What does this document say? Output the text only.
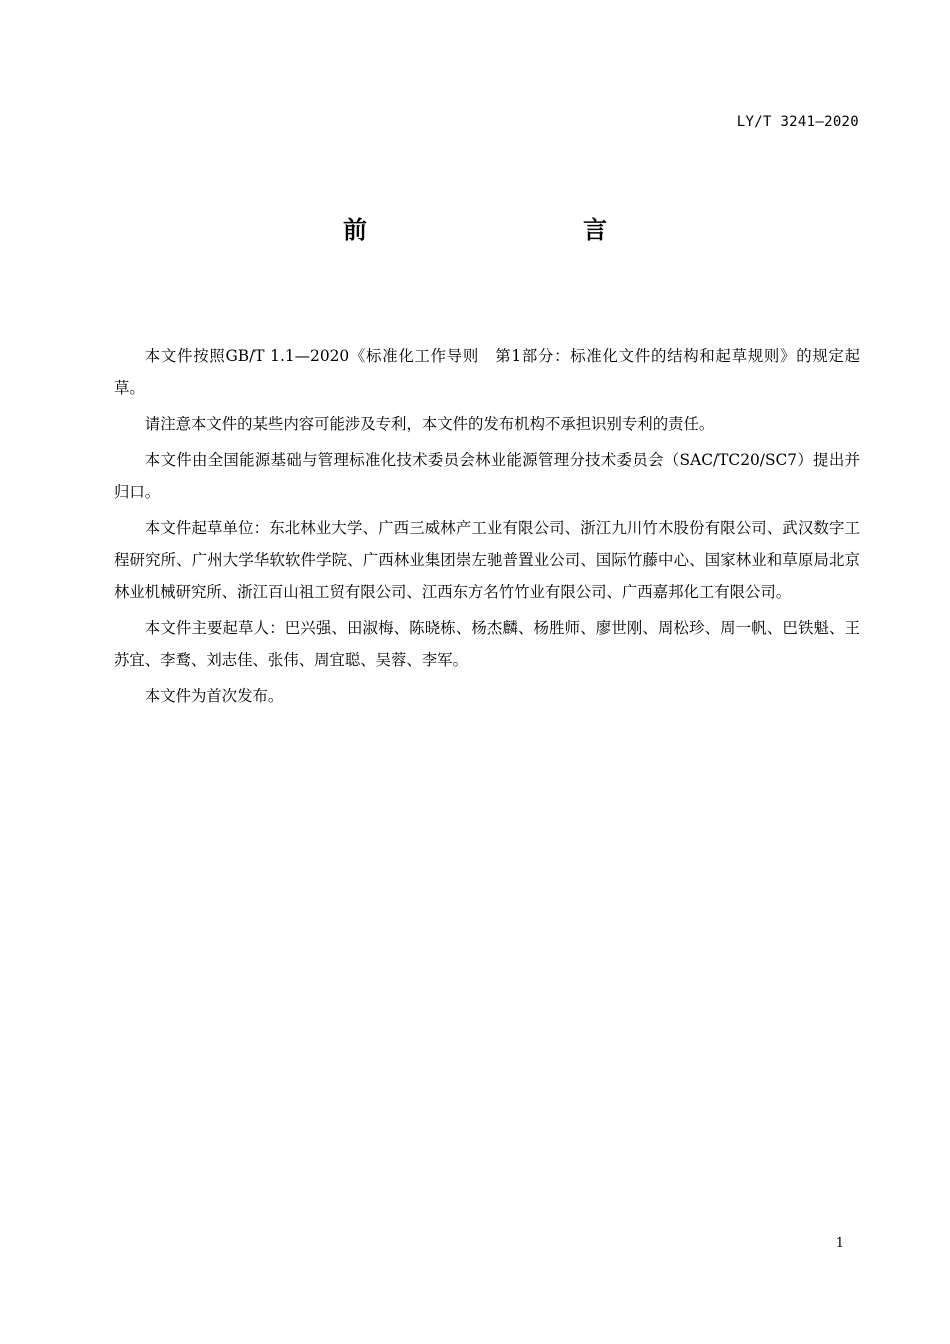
LY/T 3241—2020
前　　言

本文件按照GB/T 1.1—2020《标准化工作导则　第1部分：标准化文件的结构和起草规则》的规定起草。

请注意本文件的某些内容可能涉及专利，本文件的发布机构不承担识别专利的责任。

本文件由全国能源基础与管理标准化技术委员会林业能源管理分技术委员会（SAC/TC20/SC7）提出并归口。

本文件起草单位：东北林业大学、广西三威林产工业有限公司、浙江九川竹木股份有限公司、武汉数字工程研究所、广州大学华软软件学院、广西林业集团崇左驰普置业公司、国际竹藤中心、国家林业和草原局北京林业机械研究所、浙江百山祖工贸有限公司、江西东方名竹竹业有限公司、广西嘉邦化工有限公司。

本文件主要起草人：巴兴强、田淑梅、陈晓栋、杨杰麟、杨胜师、廖世刚、周松珍、周一帆、巴铁魁、王苏宜、李鹜、刘志佳、张伟、周宜聪、吴蓉、李军。

本文件为首次发布。

1
